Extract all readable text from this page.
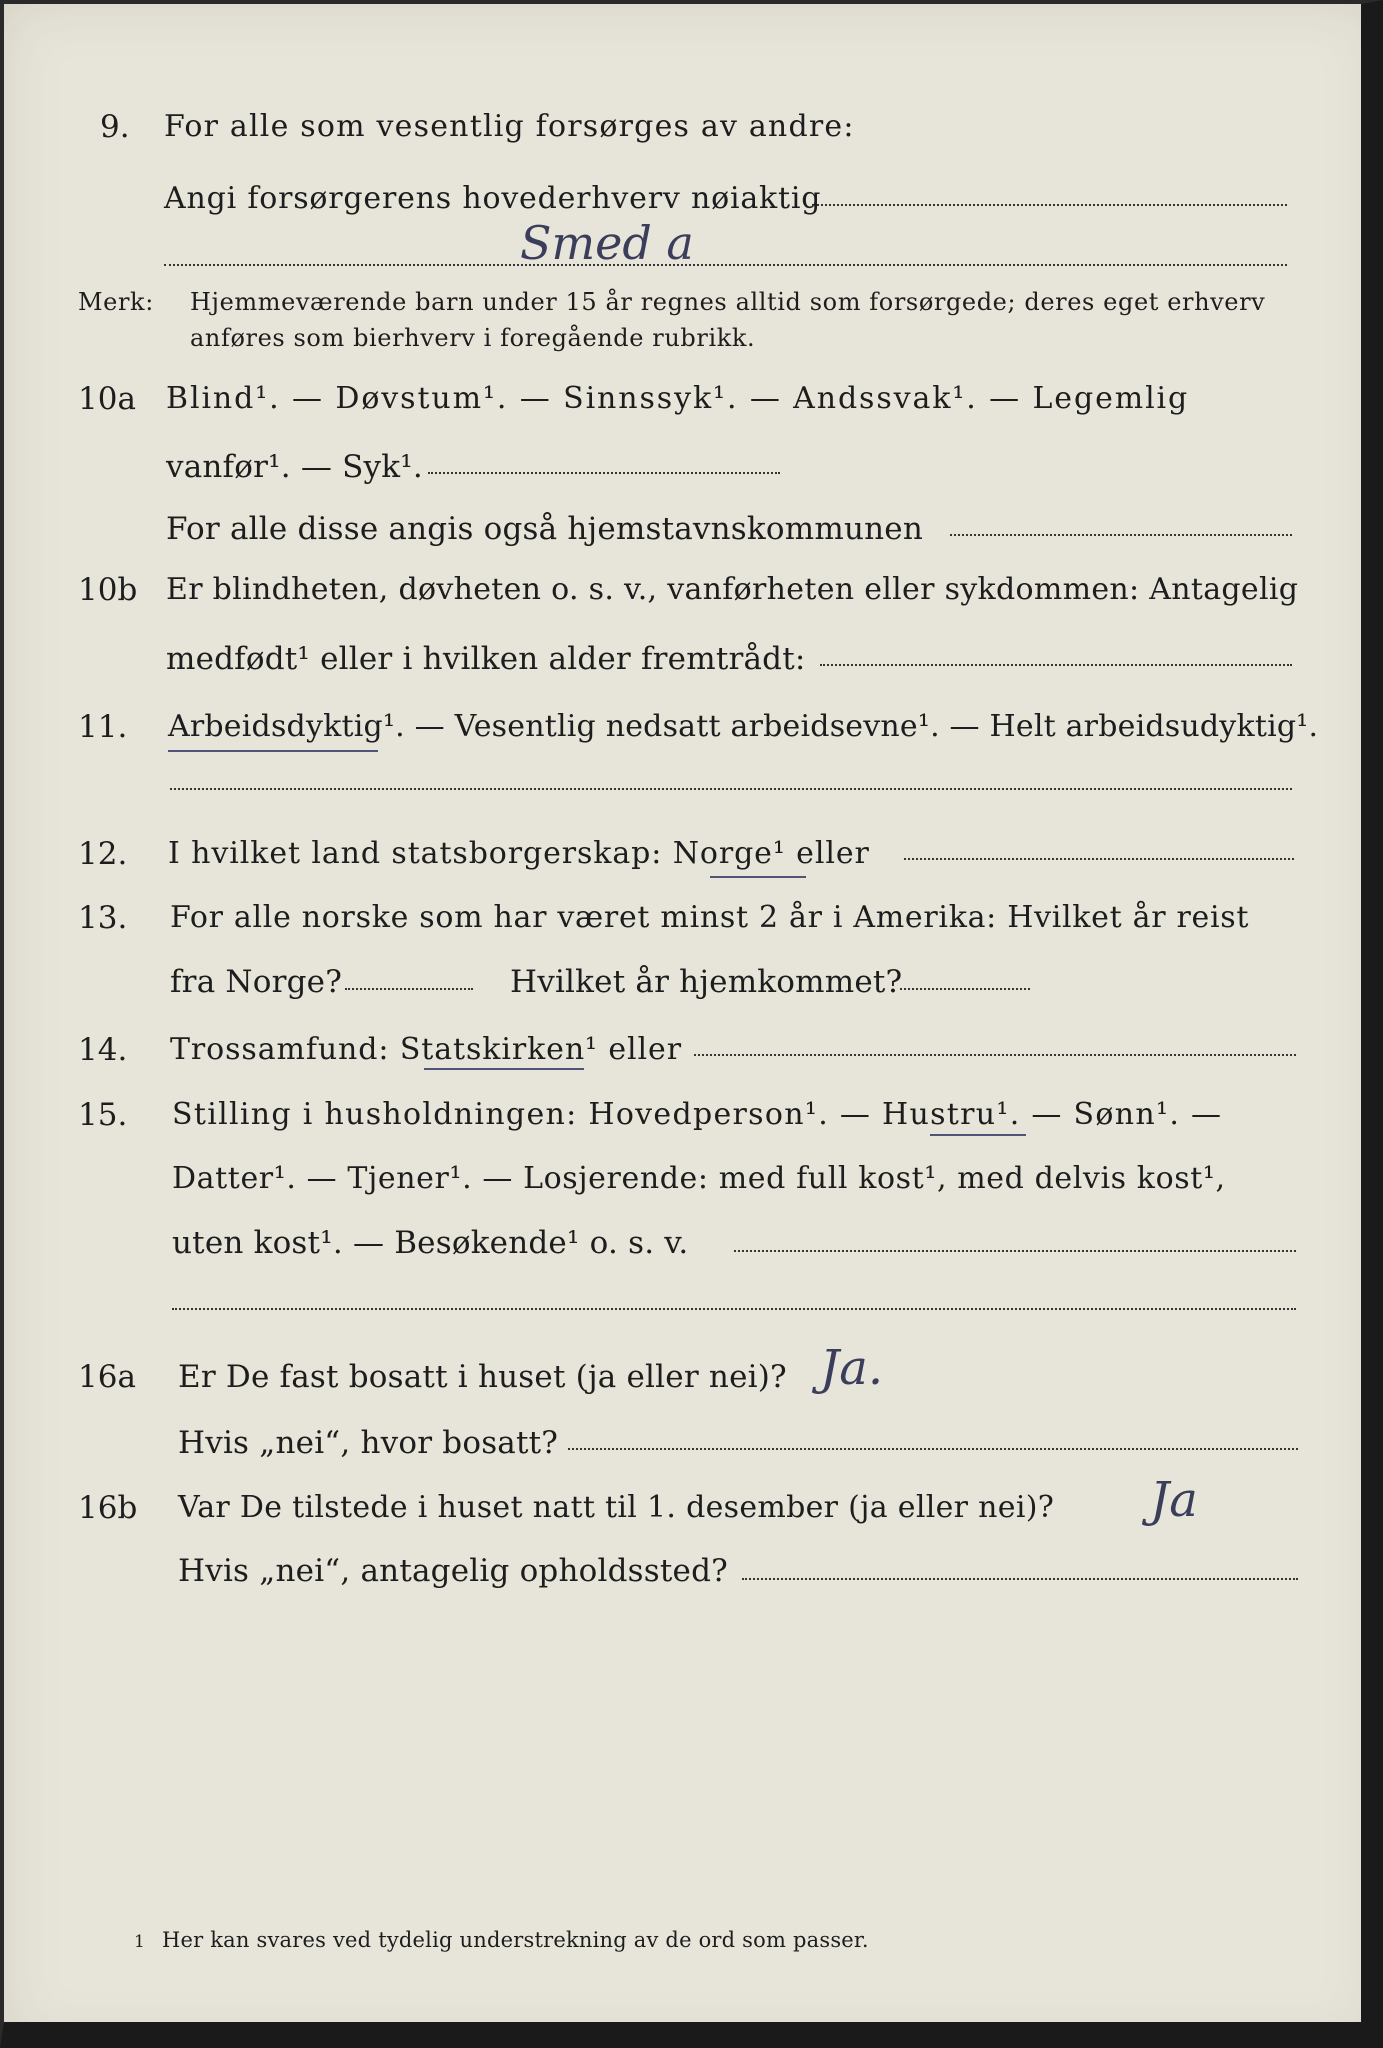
9. For alle som vesentlig forsørges av andre:
Angi forsørgerens hovederhverv nøiaktig
Smed a
Merk: Hjemmeværende barn under 15 år regnes alltid som forsørgede; deres eget erhverv
anføres som bierhverv i foregående rubrikk.
10a Blind¹. — Døvstum¹. — Sinnssyk¹. — Andssvak¹. — Legemlig
vanfør¹. — Syk¹.
For alle disse angis også hjemstavnskommunen
10b Er blindheten, døvheten o. s. v., vanførheten eller sykdommen: Antagelig
medfødt¹ eller i hvilken alder fremtrådt:
11. Arbeidsdyktig¹. — Vesentlig nedsatt arbeidsevne¹. — Helt arbeidsudyktig¹.
12. I hvilket land statsborgerskap: Norge¹ eller
13. For alle norske som har været minst 2 år i Amerika: Hvilket år reist
fra Norge?	Hvilket år hjemkommet?
14. Trossamfund: Statskirken¹ eller
15. Stilling i husholdningen: Hovedperson¹. — Hustru¹. — Sønn¹. —
Datter¹. — Tjener¹. — Losjerende: med full kost¹, med delvis kost¹,
uten kost¹. — Besøkende¹ o. s. v.
16a Er De fast bosatt i huset (ja eller nei)? Ja.
Hvis „nei“, hvor bosatt?
16b Var De tilstede i huset natt til 1. desember (ja eller nei)? Ja
Hvis „nei“, antagelig opholdssted?
1 Her kan svares ved tydelig understrekning av de ord som passer.
